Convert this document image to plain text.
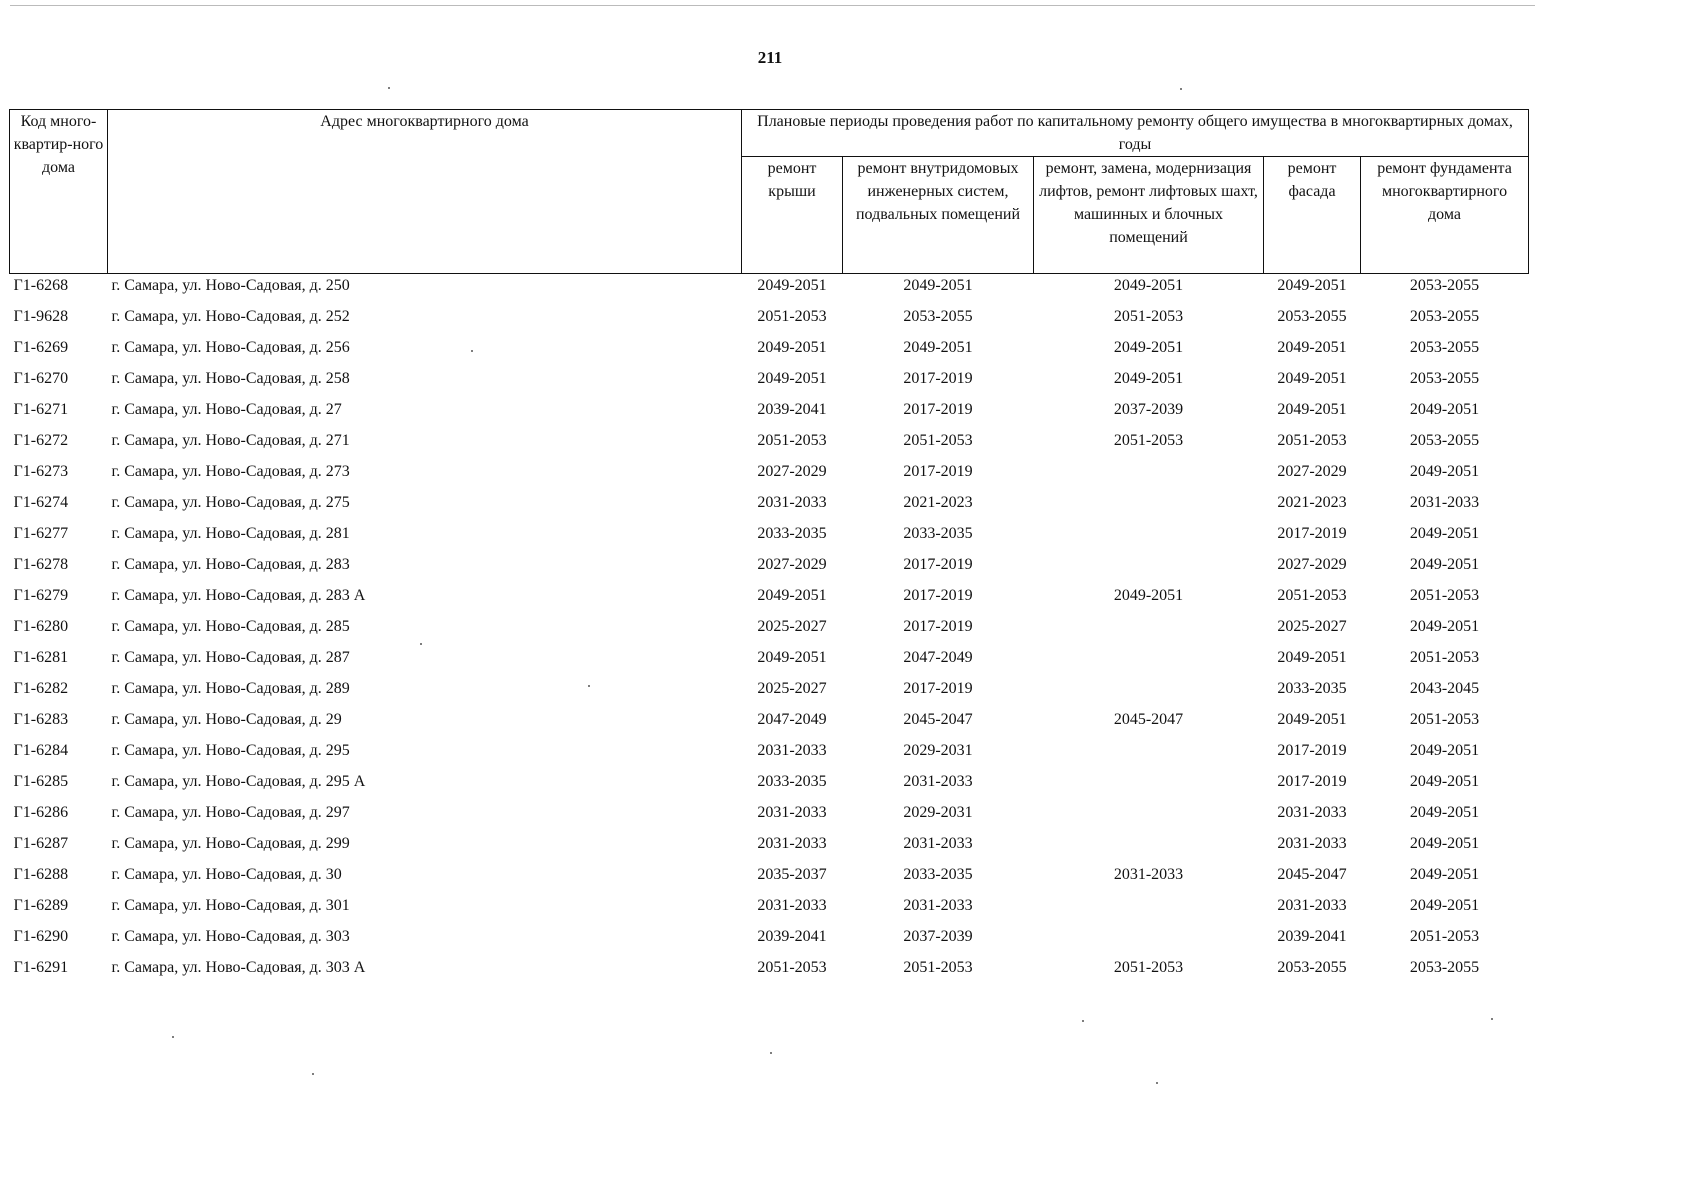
211
Код много-квартир-ного дома	Адрес многоквартирного дома	Плановые периоды проведения работ по капитальному ремонту общего имущества в многоквартирных домах, годы				
		ремонт крыши	ремонт внутридомовых инженерных систем, подвальных помещений	ремонт, замена, модернизация лифтов, ремонт лифтовых шахт, машинных и блочных помещений	ремонт фасада	ремонт фундамента многоквартирного дома
Г1-6268	г. Самара, ул. Ново-Садовая, д. 250	2049-2051	2049-2051	2049-2051	2049-2051	2053-2055
Г1-9628	г. Самара, ул. Ново-Садовая, д. 252	2051-2053	2053-2055	2051-2053	2053-2055	2053-2055
Г1-6269	г. Самара, ул. Ново-Садовая, д. 256	2049-2051	2049-2051	2049-2051	2049-2051	2053-2055
Г1-6270	г. Самара, ул. Ново-Садовая, д. 258	2049-2051	2017-2019	2049-2051	2049-2051	2053-2055
Г1-6271	г. Самара, ул. Ново-Садовая, д. 27	2039-2041	2017-2019	2037-2039	2049-2051	2049-2051
Г1-6272	г. Самара, ул. Ново-Садовая, д. 271	2051-2053	2051-2053	2051-2053	2051-2053	2053-2055
Г1-6273	г. Самара, ул. Ново-Садовая, д. 273	2027-2029	2017-2019		2027-2029	2049-2051
Г1-6274	г. Самара, ул. Ново-Садовая, д. 275	2031-2033	2021-2023		2021-2023	2031-2033
Г1-6277	г. Самара, ул. Ново-Садовая, д. 281	2033-2035	2033-2035		2017-2019	2049-2051
Г1-6278	г. Самара, ул. Ново-Садовая, д. 283	2027-2029	2017-2019		2027-2029	2049-2051
Г1-6279	г. Самара, ул. Ново-Садовая, д. 283 А	2049-2051	2017-2019	2049-2051	2051-2053	2051-2053
Г1-6280	г. Самара, ул. Ново-Садовая, д. 285	2025-2027	2017-2019		2025-2027	2049-2051
Г1-6281	г. Самара, ул. Ново-Садовая, д. 287	2049-2051	2047-2049		2049-2051	2051-2053
Г1-6282	г. Самара, ул. Ново-Садовая, д. 289	2025-2027	2017-2019		2033-2035	2043-2045
Г1-6283	г. Самара, ул. Ново-Садовая, д. 29	2047-2049	2045-2047	2045-2047	2049-2051	2051-2053
Г1-6284	г. Самара, ул. Ново-Садовая, д. 295	2031-2033	2029-2031		2017-2019	2049-2051
Г1-6285	г. Самара, ул. Ново-Садовая, д. 295 А	2033-2035	2031-2033		2017-2019	2049-2051
Г1-6286	г. Самара, ул. Ново-Садовая, д. 297	2031-2033	2029-2031		2031-2033	2049-2051
Г1-6287	г. Самара, ул. Ново-Садовая, д. 299	2031-2033	2031-2033		2031-2033	2049-2051
Г1-6288	г. Самара, ул. Ново-Садовая, д. 30	2035-2037	2033-2035	2031-2033	2045-2047	2049-2051
Г1-6289	г. Самара, ул. Ново-Садовая, д. 301	2031-2033	2031-2033		2031-2033	2049-2051
Г1-6290	г. Самара, ул. Ново-Садовая, д. 303	2039-2041	2037-2039		2039-2041	2051-2053
Г1-6291	г. Самара, ул. Ново-Садовая, д. 303 А	2051-2053	2051-2053	2051-2053	2053-2055	2053-2055
